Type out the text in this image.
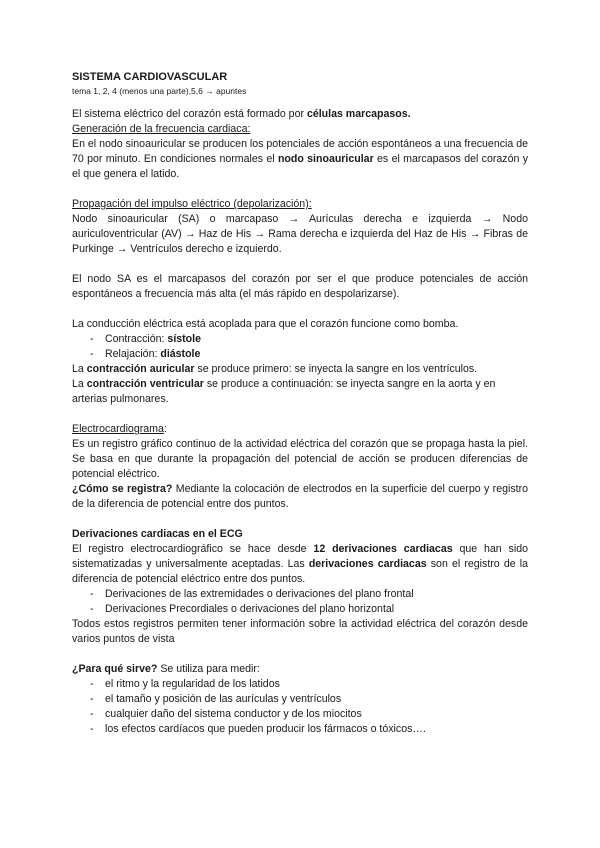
SISTEMA CARDIOVASCULAR

tema 1, 2, 4 (menos una parte),5,6 → apuntes

El sistema eléctrico del corazón está formado por células marcapasos.

Generación de la frecuencia cardiaca:

En el nodo sinoauricular se producen los potenciales de acción espontáneos a una frecuencia de 70 por minuto. En condiciones normales el nodo sinoauricular es el marcapasos del corazón y el que genera el latido.

Propagación del impulso eléctrico (depolarización):

Nodo sinoauricular (SA) o marcapaso → Aurículas derecha e izquierda → Nodo auriculoventricular (AV) → Haz de His → Rama derecha e izquierda del Haz de His → Fibras de Purkinge → Ventrículos derecho e izquierdo.

El nodo SA es el marcapasos del corazón por ser el que produce potenciales de acción espontáneos a frecuencia más alta (el más rápido en despolarizarse).

La conducción eléctrica está acoplada para que el corazón funcione como bomba.

- Contracción: sístole
- Relajación: diástole

La contracción auricular se produce primero: se inyecta la sangre en los ventrículos.

La contracción ventricular se produce a continuación: se inyecta sangre en la aorta y en arterias pulmonares.

Electrocardiograma:

Es un registro gráfico continuo de la actividad eléctrica del corazón que se propaga hasta la piel. Se basa en que durante la propagación del potencial de acción se producen diferencias de potencial eléctrico.

¿Cómo se registra? Mediante la colocación de electrodos en la superficie del cuerpo y registro de la diferencia de potencial entre dos puntos.

Derivaciones cardiacas en el ECG

El registro electrocardiográfico se hace desde 12 derivaciones cardiacas que han sido sistematizadas y universalmente aceptadas. Las derivaciones cardiacas son el registro de la diferencia de potencial eléctrico entre dos puntos.

- Derivaciones de las extremidades o derivaciones del plano frontal
- Derivaciones Precordiales o derivaciones del plano horizontal

Todos estos registros permiten tener información sobre la actividad eléctrica del corazón desde varios puntos de vista

¿Para qué sirve? Se utiliza para medir:

- el ritmo y la regularidad de los latidos
- el tamaño y posición de las aurículas y ventrículos
- cualquier daño del sistema conductor y de los miocitos
- los efectos cardíacos que pueden producir los fármacos o tóxicos….
